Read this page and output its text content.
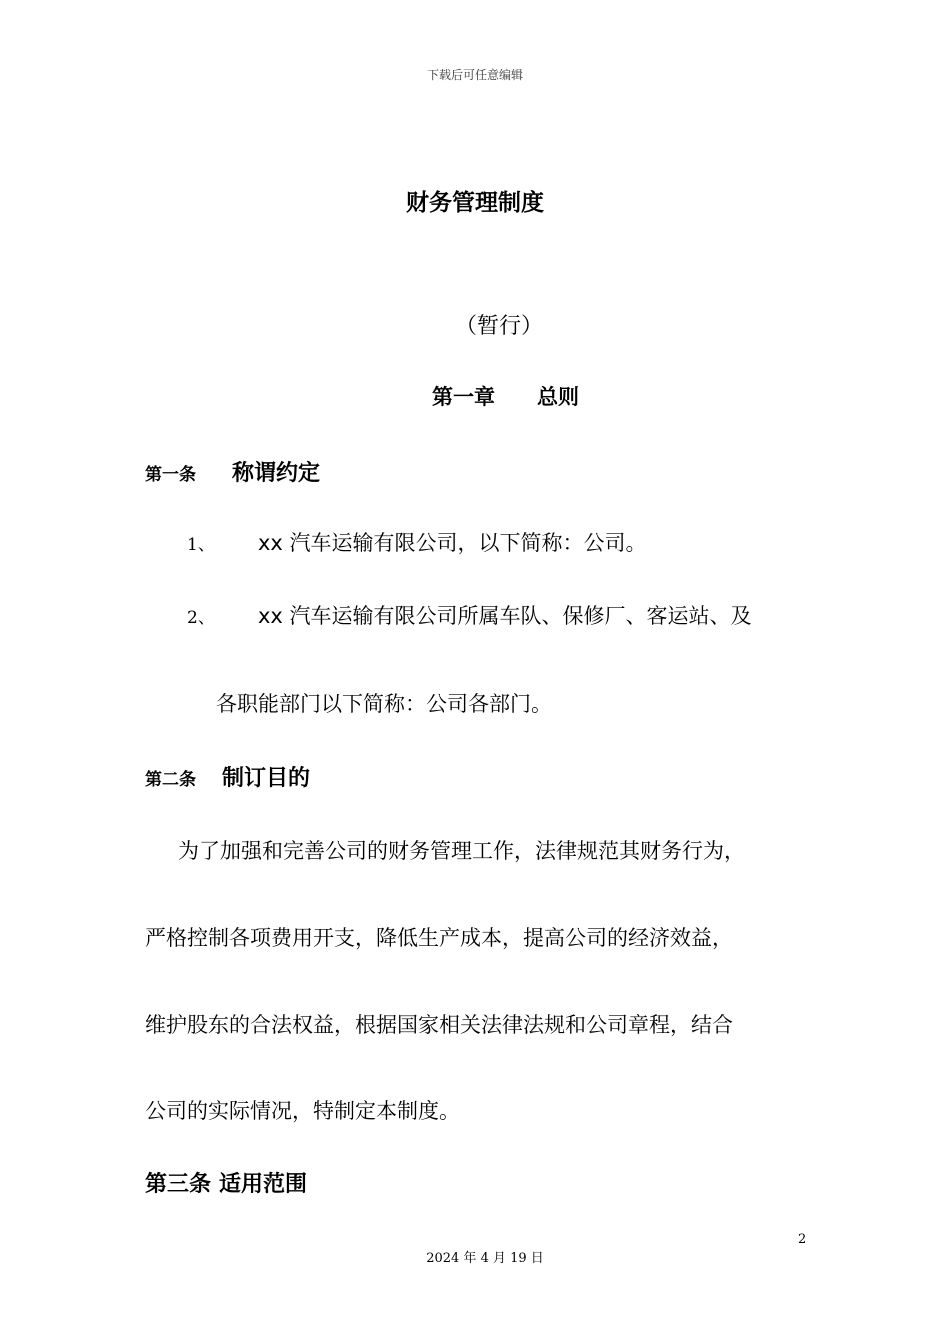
下载后可任意编辑
财务管理制度
（暂行）
第一章 总则
第一条 称谓约定
1、 xx 汽车运输有限公司，以下简称：公司。
2、 xx 汽车运输有限公司所属车队、保修厂、客运站、及
各职能部门以下简称：公司各部门。
第二条 制订目的
为了加强和完善公司的财务管理工作，法律规范其财务行为，
严格控制各项费用开支，降低生产成本，提高公司的经济效益，
维护股东的合法权益，根据国家相关法律法规和公司章程，结合
公司的实际情况，特制定本制度。
第三条 适用范围
2
2024 年 4 月 19 日
